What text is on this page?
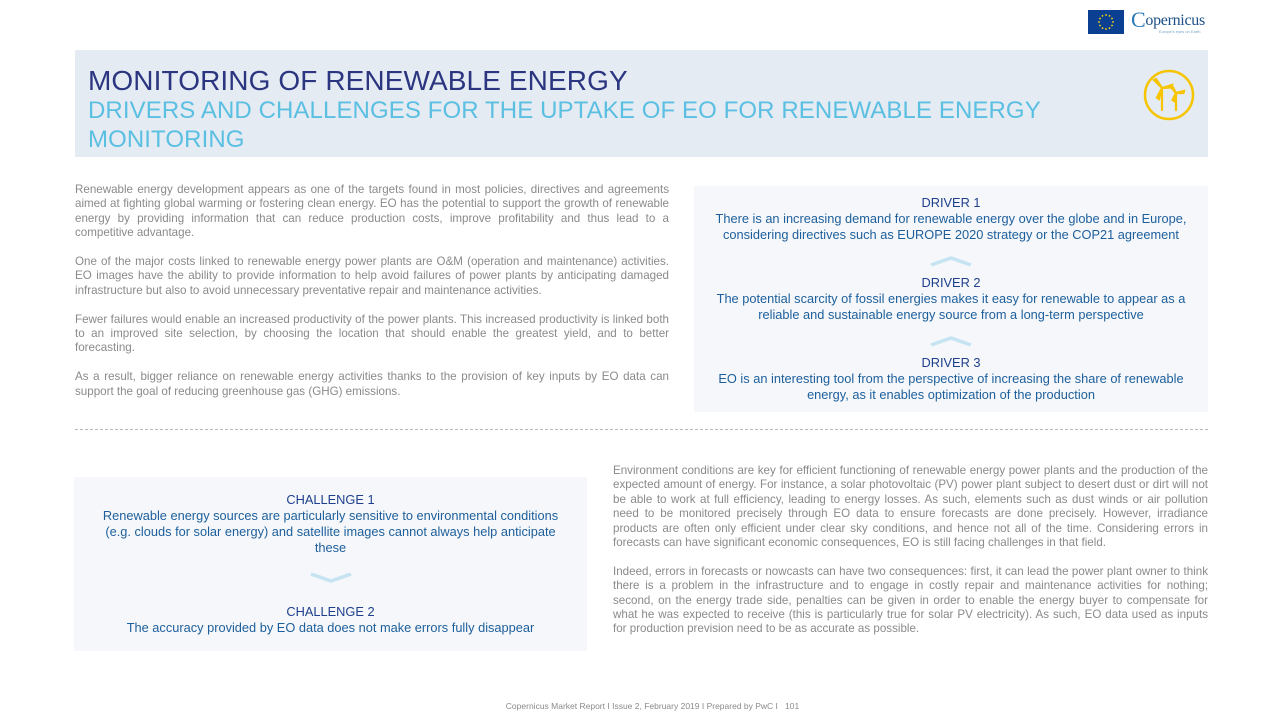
Copernicus
Europe's eyes on Earth
MONITORING OF RENEWABLE ENERGY
DRIVERS AND CHALLENGES FOR THE UPTAKE OF EO FOR RENEWABLE ENERGY MONITORING

Renewable energy development appears as one of the targets found in most policies, directives and agreements aimed at fighting global warming or fostering clean energy. EO has the potential to support the growth of renewable energy by providing information that can reduce production costs, improve profitability and thus lead to a competitive advantage.

One of the major costs linked to renewable energy power plants are O&M (operation and maintenance) activities. EO images have the ability to provide information to help avoid failures of power plants by anticipating damaged infrastructure but also to avoid unnecessary preventative repair and maintenance activities.

Fewer failures would enable an increased productivity of the power plants. This increased productivity is linked both to an improved site selection, by choosing the location that should enable the greatest yield, and to better forecasting.

As a result, bigger reliance on renewable energy activities thanks to the provision of key inputs by EO data can support the goal of reducing greenhouse gas (GHG) emissions.

DRIVER 1
There is an increasing demand for renewable energy over the globe and in Europe, considering directives such as EUROPE 2020 strategy or the COP21 agreement
DRIVER 2
The potential scarcity of fossil energies makes it easy for renewable to appear as a reliable and sustainable energy source from a long-term perspective
DRIVER 3
EO is an interesting tool from the perspective of increasing the share of renewable energy, as it enables optimization of the production
CHALLENGE 1
Renewable energy sources are particularly sensitive to environmental conditions (e.g. clouds for solar energy) and satellite images cannot always help anticipate these
CHALLENGE 2
The accuracy provided by EO data does not make errors fully disappear

Environment conditions are key for efficient functioning of renewable energy power plants and the production of the expected amount of energy. For instance, a solar photovoltaic (PV) power plant subject to desert dust or dirt will not be able to work at full efficiency, leading to energy losses. As such, elements such as dust winds or air pollution need to be monitored precisely through EO data to ensure forecasts are done precisely. However, irradiance products are often only efficient under clear sky conditions, and hence not all of the time. Considering errors in forecasts can have significant economic consequences, EO is still facing challenges in that field.

Indeed, errors in forecasts or nowcasts can have two consequences: first, it can lead the power plant owner to think there is a problem in the infrastructure and to engage in costly repair and maintenance activities for nothing; second, on the energy trade side, penalties can be given in order to enable the energy buyer to compensate for what he was expected to receive (this is particularly true for solar PV electricity). As such, EO data used as inputs for production prevision need to be as accurate as possible.

Copernicus Market Report I Issue 2, February 2019 I Prepared by PwC I 101
